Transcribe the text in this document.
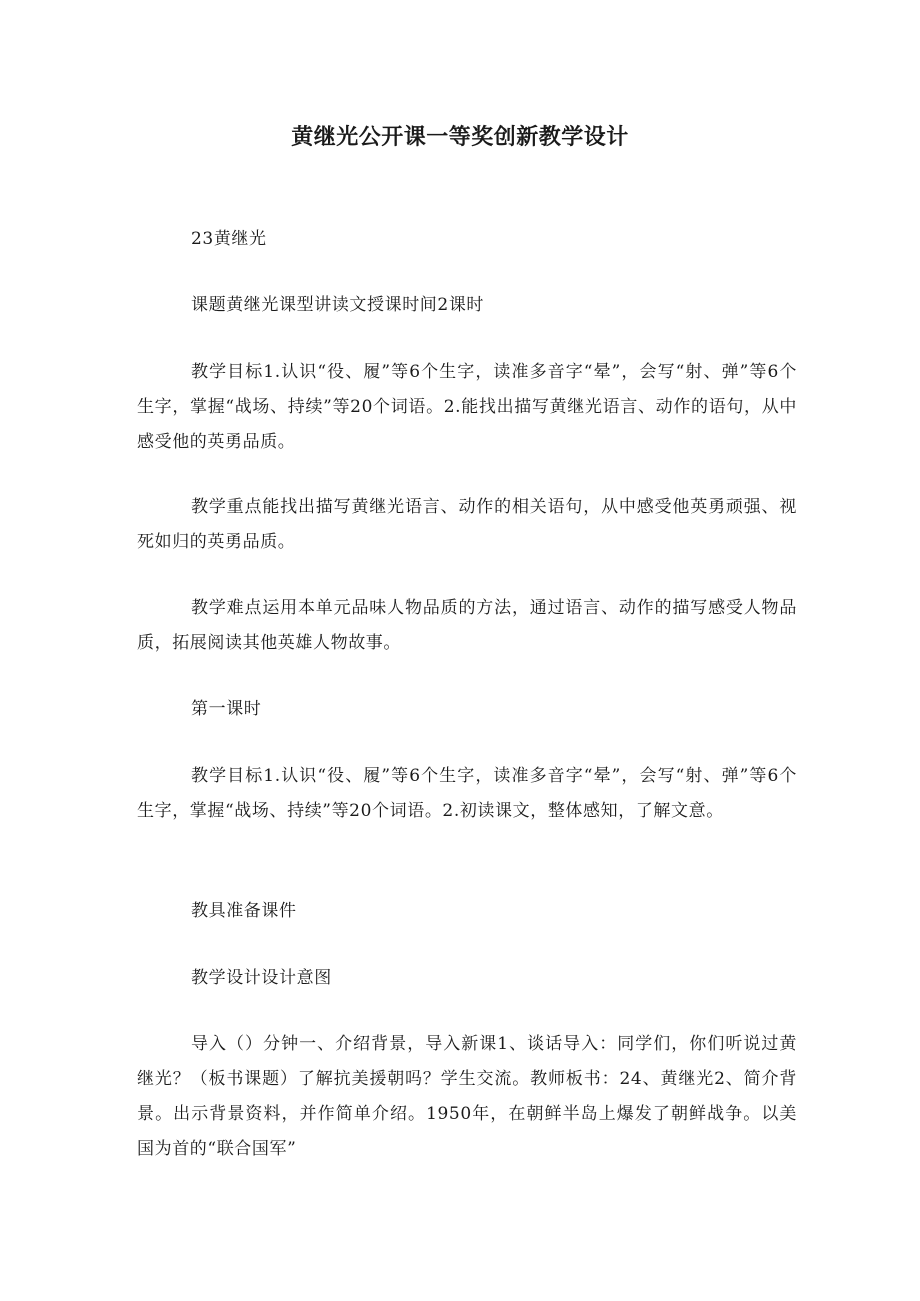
黄继光公开课一等奖创新教学设计

23黄继光

课题黄继光课型讲读文授课时间2课时

教学目标1.认识“役、履”等6个生字，读准多音字“晕”，会写“射、弹”等6个生字，掌握“战场、持续”等20个词语。2.能找出描写黄继光语言、动作的语句，从中感受他的英勇品质。

教学重点能找出描写黄继光语言、动作的相关语句，从中感受他英勇顽强、视死如归的英勇品质。

教学难点运用本单元品味人物品质的方法，通过语言、动作的描写感受人物品质，拓展阅读其他英雄人物故事。

第一课时

教学目标1.认识“役、履”等6个生字，读准多音字“晕”，会写“射、弹”等6个生字，掌握“战场、持续”等20个词语。2.初读课文，整体感知，了解文意。

教具准备课件

教学设计设计意图

导入（）分钟一、介绍背景，导入新课1、谈话导入：同学们，你们听说过黄继光？（板书课题）了解抗美援朝吗？学生交流。教师板书：24、黄继光2、简介背景。出示背景资料，并作简单介绍。1950年，在朝鲜半岛上爆发了朝鲜战争。以美国为首的“联合国军”
